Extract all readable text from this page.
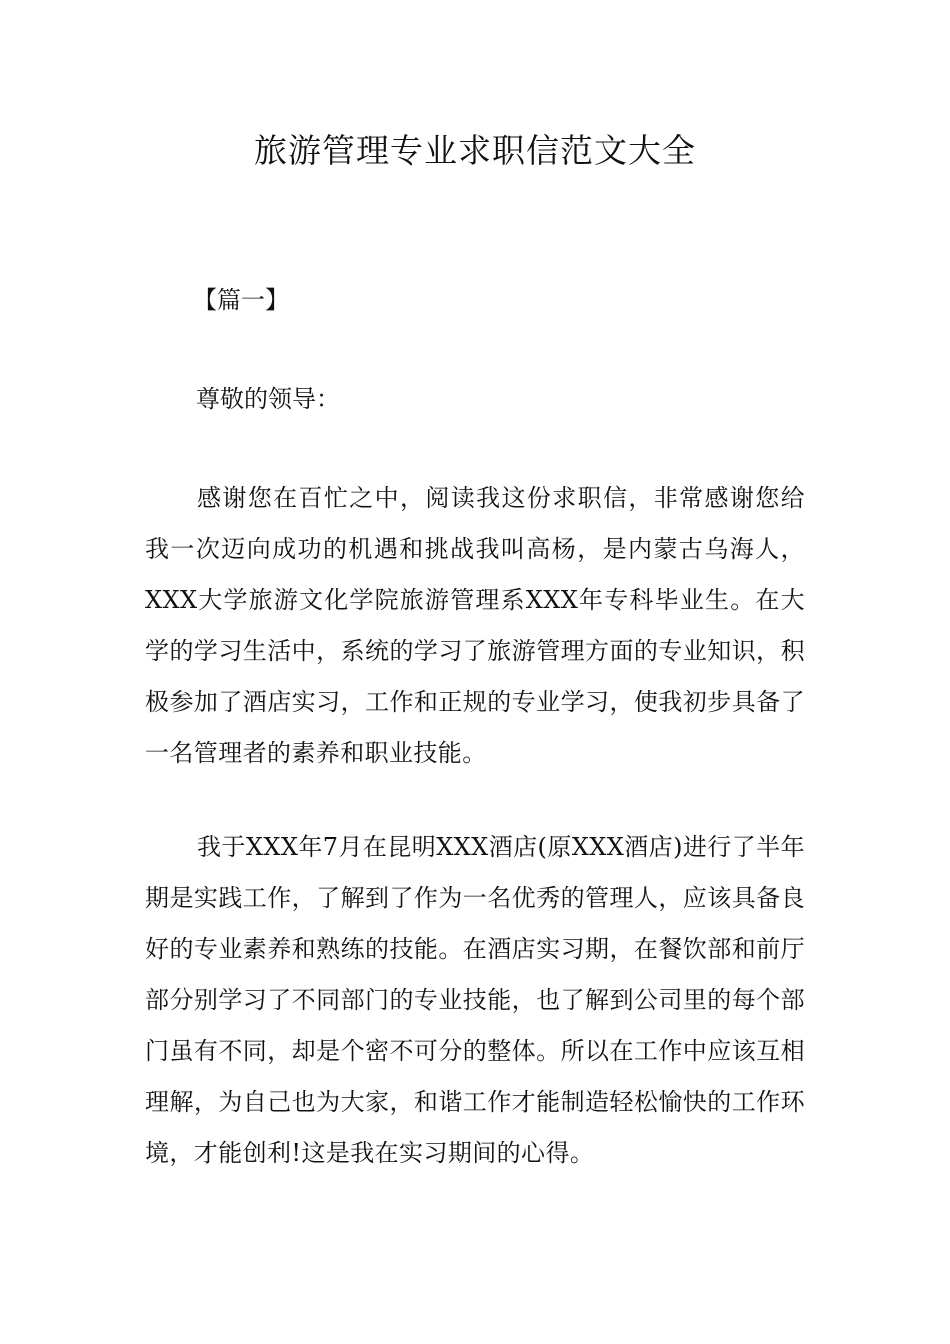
旅游管理专业求职信范文大全

【篇一】

尊敬的领导：

感谢您在百忙之中，阅读我这份求职信，非常感谢您给我一次迈向成功的机遇和挑战我叫高杨，是内蒙古乌海人，XXX大学旅游文化学院旅游管理系XXX年专科毕业生。在大学的学习生活中，系统的学习了旅游管理方面的专业知识，积极参加了酒店实习，工作和正规的专业学习，使我初步具备了一名管理者的素养和职业技能。

我于XXX年7月在昆明XXX酒店(原XXX酒店)进行了半年期是实践工作，了解到了作为一名优秀的管理人，应该具备良好的专业素养和熟练的技能。在酒店实习期，在餐饮部和前厅部分别学习了不同部门的专业技能，也了解到公司里的每个部门虽有不同，却是个密不可分的整体。所以在工作中应该互相理解，为自己也为大家，和谐工作才能制造轻松愉快的工作环境，才能创利!这是我在实习期间的心得。
